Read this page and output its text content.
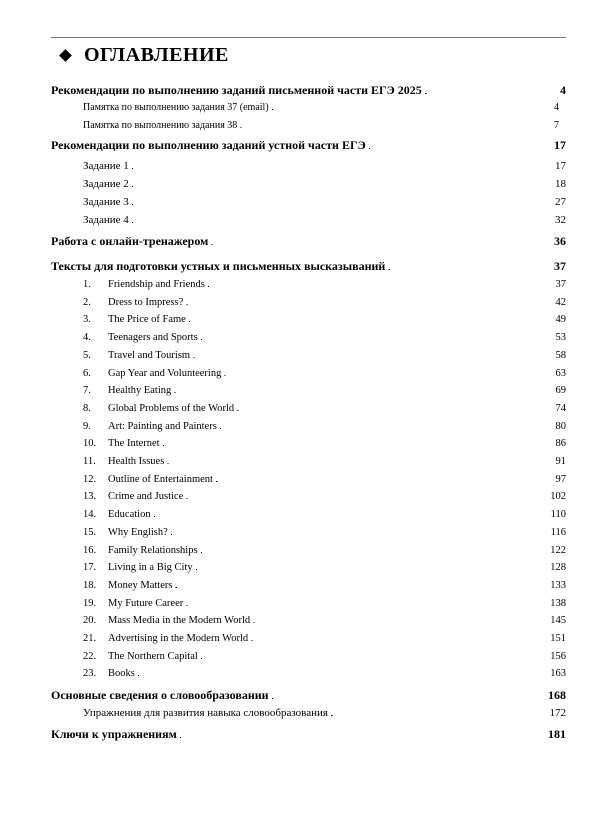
ОГЛАВЛЕНИЕ
Рекомендации по выполнению заданий письменной части ЕГЭ 2025 . . .	4
Памятка по выполнению задания 37 (email) . . .	4
Памятка по выполнению задания 38 . . .	7
Рекомендации по выполнению заданий устной части ЕГЭ . . .	17
Задание 1 . . .	17
Задание 2 . . .	18
Задание 3 . . .	27
Задание 4 . . .	32
Работа с онлайн-тренажером . . .	36
Тексты для подготовки устных и письменных высказываний . . .	37
1.	Friendship and Friends . . .	37
2.	Dress to Impress? . . .	42
3.	The Price of Fame . . .	49
4.	Teenagers and Sports . . .	53
5.	Travel and Tourism . . .	58
6.	Gap Year and Volunteering . . .	63
7.	Healthy Eating . . .	69
8.	Global Problems of the World . . .	74
9.	Art: Painting and Painters . . .	80
10.	The Internet . . .	86
11.	Health Issues . . .	91
12.	Outline of Entertainment . . .	97
13.	Crime and Justice . . .	102
14.	Education . . .	110
15.	Why English? . . .	116
16.	Family Relationships . . .	122
17.	Living in a Big City . . .	128
18.	Money Matters . . .	133
19.	My Future Career . . .	138
20.	Mass Media in the Modern World . . .	145
21.	Advertising in the Modern World . . .	151
22.	The Northern Capital . . .	156
23.	Books . . .	163
Основные сведения о словообразовании . . .	168
Упражнения для развития навыка словообразования . . .	172
Ключи к упражнениям . . .	181
